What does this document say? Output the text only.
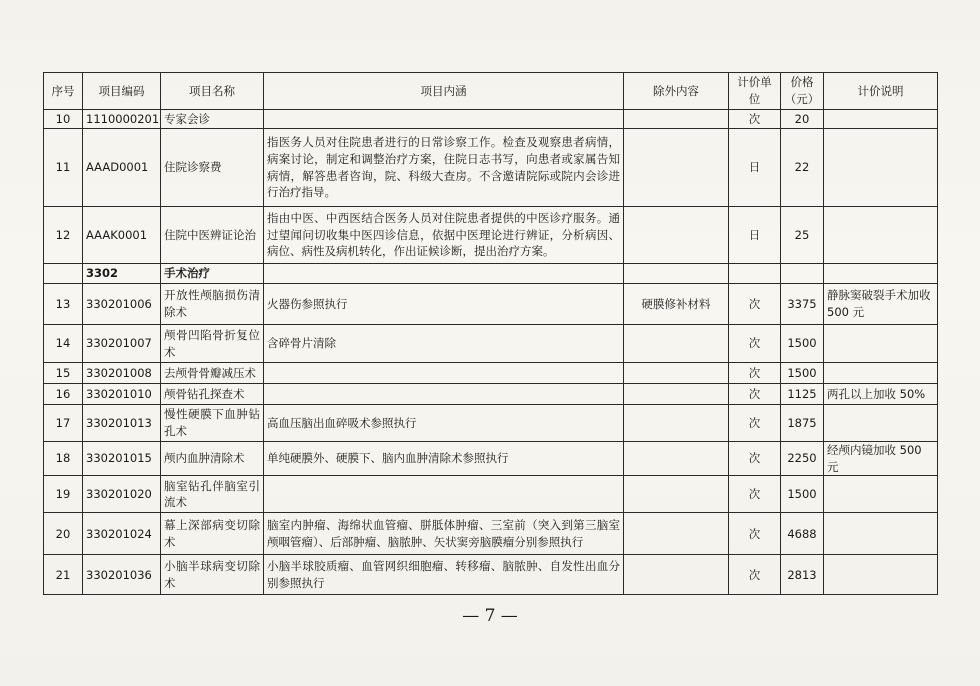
序号	项目编码	项目名称	项目内涵	除外内容	计价单位	价格（元）	计价说明
10	1110000201	专家会诊			次	20	
11	AAAD0001	住院诊察费	指医务人员对住院患者进行的日常诊察工作。检查及观察患者病情，病案讨论，制定和调整治疗方案，住院日志书写，向患者或家属告知病情，解答患者咨询，院、科级大查房。不含邀请院际或院内会诊进行治疗指导。		日	22	
12	AAAK0001	住院中医辨证论治	指由中医、中西医结合医务人员对住院患者提供的中医诊疗服务。通过望闻问切收集中医四诊信息，依据中医理论进行辨证，分析病因、病位、病性及病机转化，作出证候诊断，提出治疗方案。		日	25	
	3302	手术治疗					
13	330201006	开放性颅脑损伤清除术	火器伤参照执行	硬膜修补材料	次	3375	静脉窦破裂手术加收 500 元
14	330201007	颅骨凹陷骨折复位术	含碎骨片清除		次	1500	
15	330201008	去颅骨骨瓣减压术			次	1500	
16	330201010	颅骨钻孔探查术			次	1125	两孔以上加收 50%
17	330201013	慢性硬膜下血肿钻孔术	高血压脑出血碎吸术参照执行		次	1875	
18	330201015	颅内血肿清除术	单纯硬膜外、硬膜下、脑内血肿清除术参照执行		次	2250	经颅内镜加收 500 元
19	330201020	脑室钻孔伴脑室引流术			次	1500	
20	330201024	幕上深部病变切除术	脑室内肿瘤、海绵状血管瘤、胼胝体肿瘤、三室前（突入到第三脑室颅咽管瘤）、后部肿瘤、脑脓肿、矢状窦旁脑膜瘤分别参照执行		次	4688	
21	330201036	小脑半球病变切除术	小脑半球胶质瘤、血管网织细胞瘤、转移瘤、脑脓肿、自发性出血分别参照执行		次	2813	
— 7 —
